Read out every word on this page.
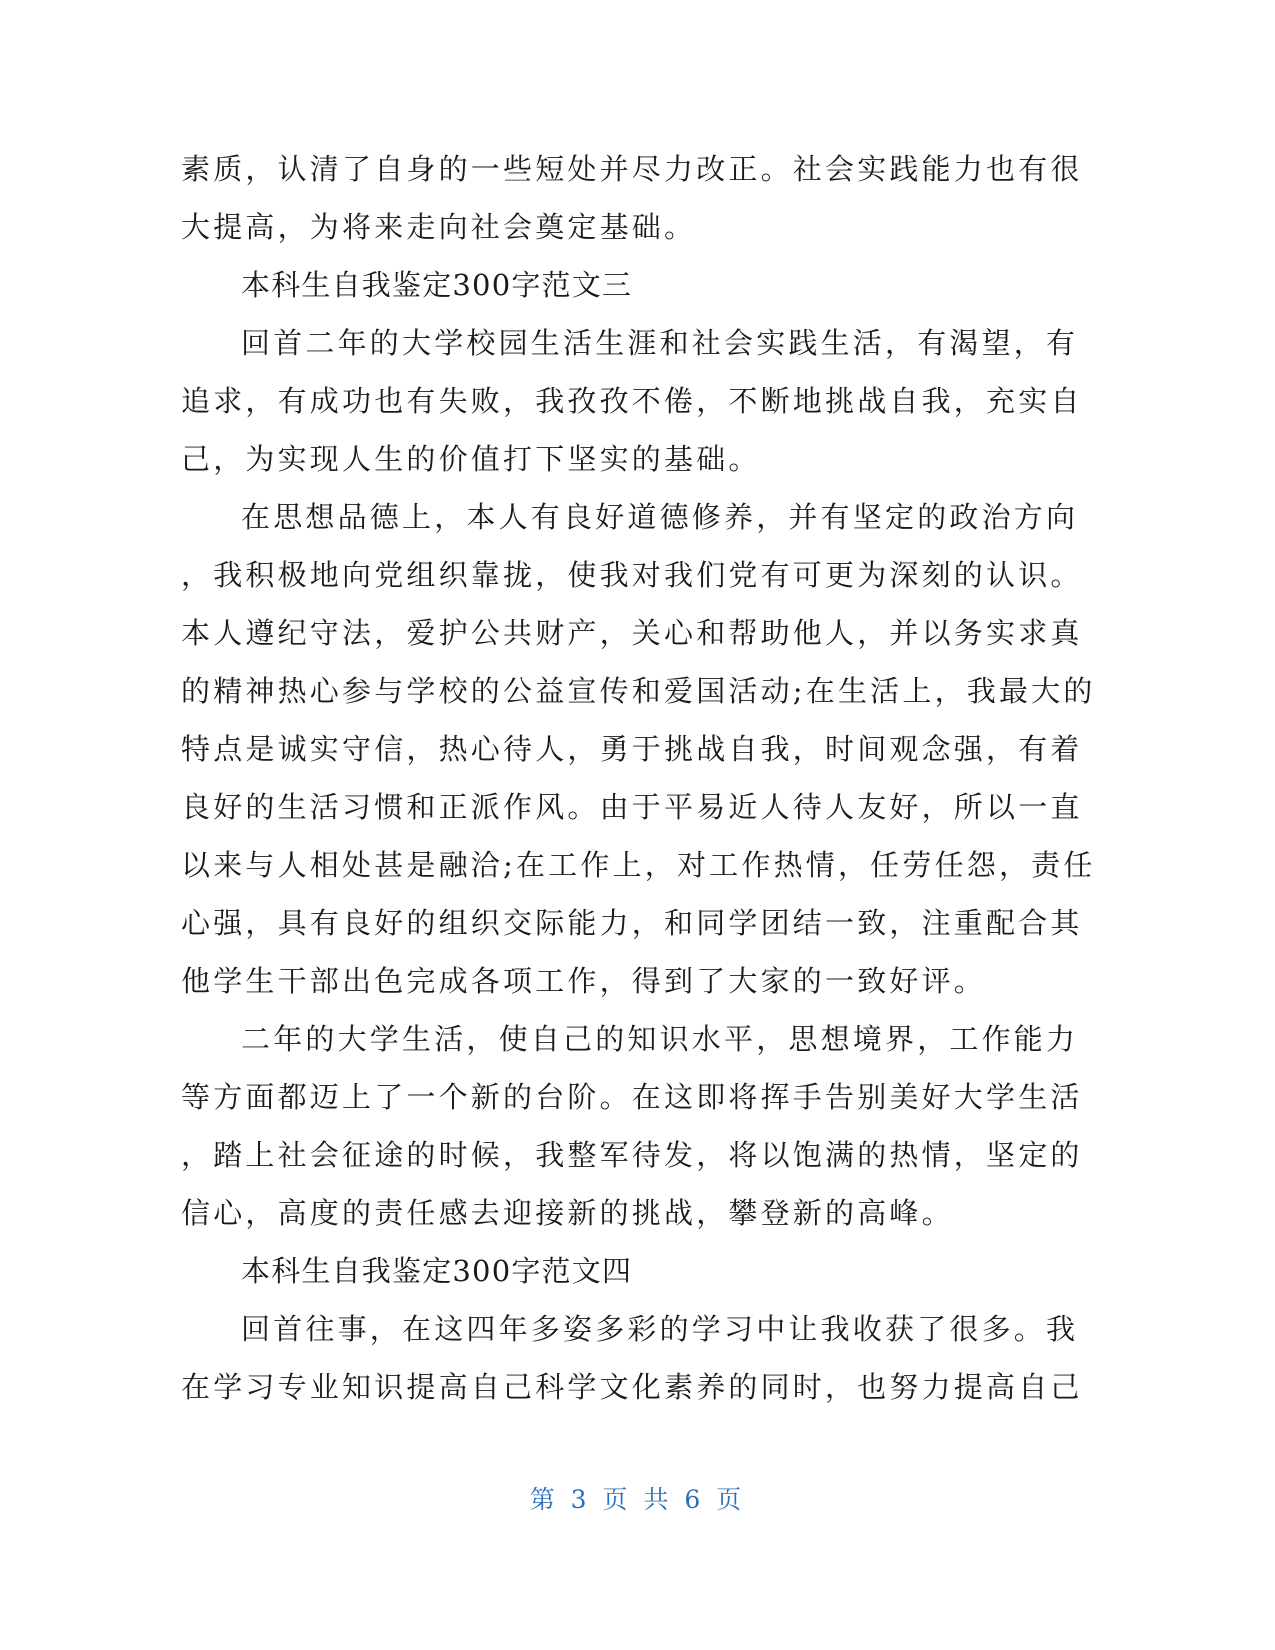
素质，认清了自身的一些短处并尽力改正。社会实践能力也有很
大提高，为将来走向社会奠定基础。
本科生自我鉴定300字范文三
回首二年的大学校园生活生涯和社会实践生活，有渴望，有
追求，有成功也有失败，我孜孜不倦，不断地挑战自我，充实自
己，为实现人生的价值打下坚实的基础。
在思想品德上，本人有良好道德修养，并有坚定的政治方向
，我积极地向党组织靠拢，使我对我们党有可更为深刻的认识。
本人遵纪守法，爱护公共财产，关心和帮助他人，并以务实求真
的精神热心参与学校的公益宣传和爱国活动;在生活上，我最大的
特点是诚实守信，热心待人，勇于挑战自我，时间观念强，有着
良好的生活习惯和正派作风。由于平易近人待人友好，所以一直
以来与人相处甚是融洽;在工作上，对工作热情，任劳任怨，责任
心强，具有良好的组织交际能力，和同学团结一致，注重配合其
他学生干部出色完成各项工作，得到了大家的一致好评。
二年的大学生活，使自己的知识水平，思想境界，工作能力
等方面都迈上了一个新的台阶。在这即将挥手告别美好大学生活
，踏上社会征途的时候，我整军待发，将以饱满的热情，坚定的
信心，高度的责任感去迎接新的挑战，攀登新的高峰。
本科生自我鉴定300字范文四
回首往事，在这四年多姿多彩的学习中让我收获了很多。我
在学习专业知识提高自己科学文化素养的同时，也努力提高自己
第 3 页 共 6 页
